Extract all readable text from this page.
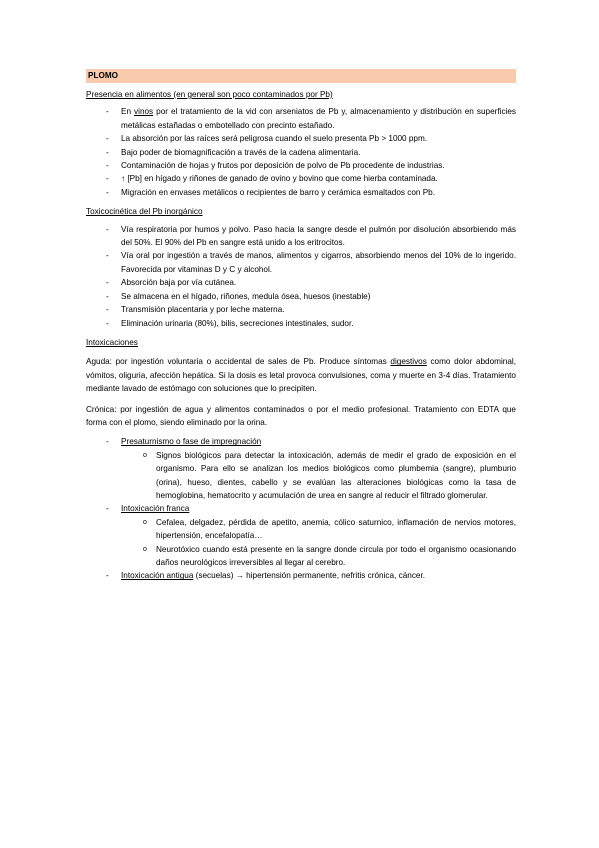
PLOMO
Presencia en alimentos (en general son poco contaminados por Pb)
- En vinos por el tratamiento de la vid con arseniatos de Pb y, almacenamiento y distribución en superficies metálicas estañadas o embotellado con precinto estañado.
- La absorción por las raíces será peligrosa cuando el suelo presenta Pb > 1000 ppm.
- Bajo poder de biomagnificación a través de la cadena alimentaria.
- Contaminación de hojas y frutos por deposición de polvo de Pb procedente de industrias.
- ↑ [Pb] en hígado y riñones de ganado de ovino y bovino que come hierba contaminada.
- Migración en envases metálicos o recipientes de barro y cerámica esmaltados con Pb.
Toxicocinética del Pb inorgánico
- Vía respiratoria por humos y polvo. Paso hacia la sangre desde el pulmón por disolución absorbiendo más del 50%. El 90% del Pb en sangre está unido a los eritrocitos.
- Vía oral por ingestión a través de manos, alimentos y cigarros, absorbiendo menos del 10% de lo ingerido. Favorecida por vitaminas D y C y alcohol.
- Absorción baja por vía cutánea.
- Se almacena en el hígado, riñones, medula ósea, huesos (inestable)
- Transmisión placentaria y por leche materna.
- Eliminación urinaria (80%), bilis, secreciones intestinales, sudor.
Intoxicaciones

Aguda: por ingestión voluntaria o accidental de sales de Pb. Produce síntomas digestivos como dolor abdominal, vómitos, oliguria, afección hepática. Si la dosis es letal provoca convulsiones, coma y muerte en 3-4 días. Tratamiento mediante lavado de estómago con soluciones que lo precipiten.

Crónica: por ingestión de agua y alimentos contaminados o por el medio profesional. Tratamiento con EDTA que forma con el plomo, siendo eliminado por la orina.

- Presaturnismo o fase de impregnación
o Signos biológicos para detectar la intoxicación, además de medir el grado de exposición en el organismo. Para ello se analizan los medios biológicos como plumbemia (sangre), plumburio (orina), hueso, dientes, cabello y se evalúan las alteraciones biológicas como la tasa de hemoglobina, hematocrito y acumulación de urea en sangre al reducir el filtrado glomerular.
- Intoxicación franca
o Cefalea, delgadez, pérdida de apetito, anemia, cólico saturnico, inflamación de nervios motores, hipertensión, encefalopatía…
o Neurotóxico cuando está presente en la sangre donde circula por todo el organismo ocasionando daños neurológicos irreversibles al llegar al cerebro.
- Intoxicación antigua (secuelas) → hipertensión permanente, nefritis crónica, cáncer.
